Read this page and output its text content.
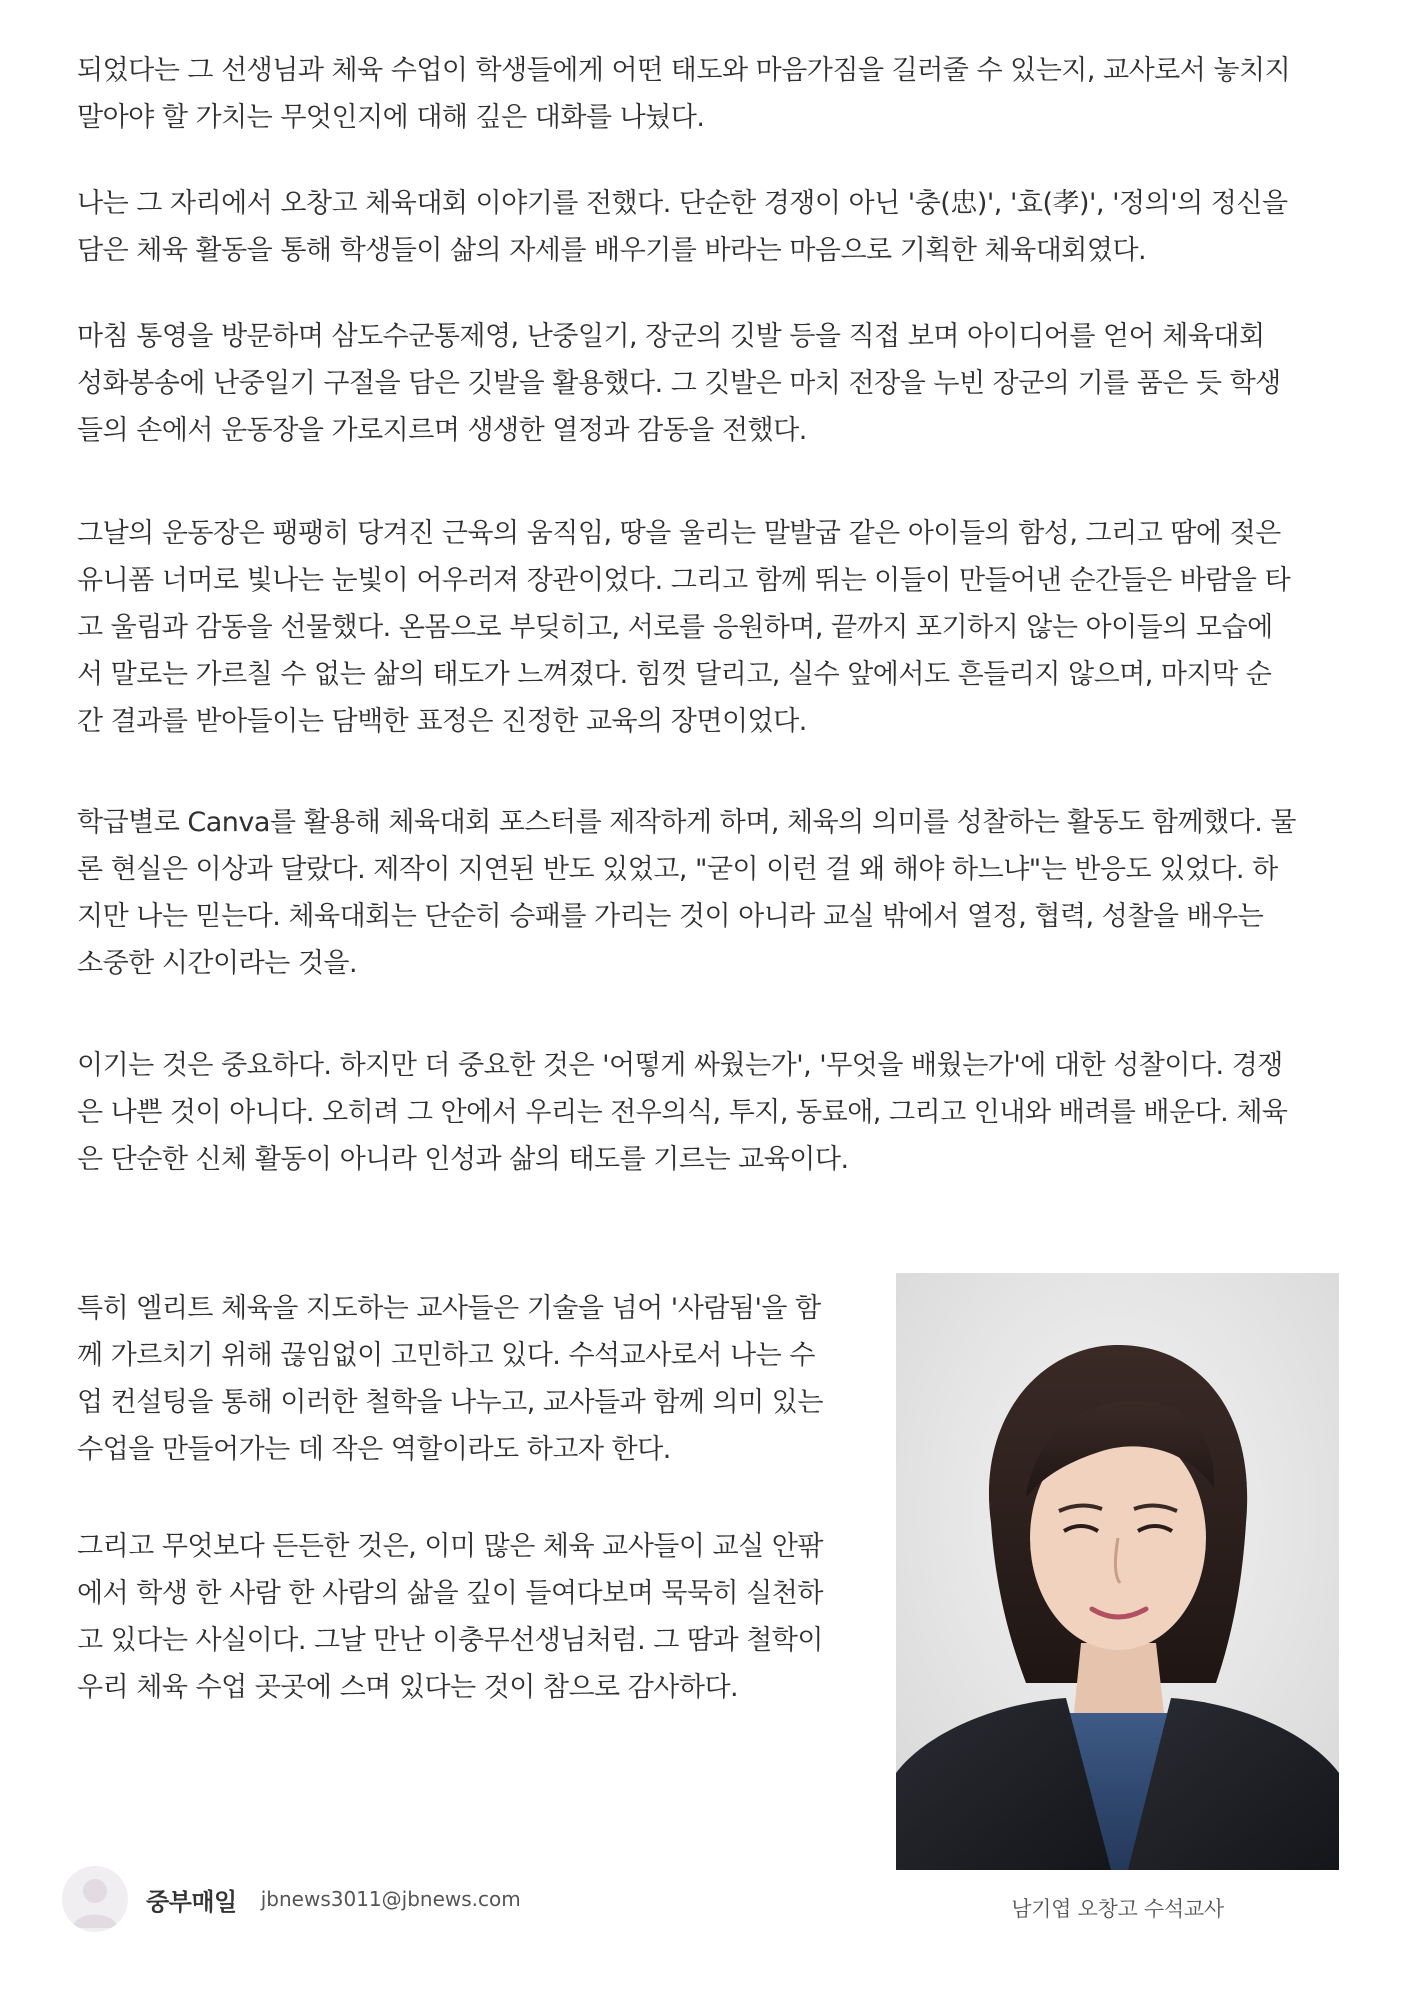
되었다는 그 선생님과 체육 수업이 학생들에게 어떤 태도와 마음가짐을 길러줄 수 있는지, 교사로서 놓치지
말아야 할 가치는 무엇인지에 대해 깊은 대화를 나눴다.

나는 그 자리에서 오창고 체육대회 이야기를 전했다. 단순한 경쟁이 아닌 '충(忠)', '효(孝)', '정의'의 정신을
담은 체육 활동을 통해 학생들이 삶의 자세를 배우기를 바라는 마음으로 기획한 체육대회였다.

마침 통영을 방문하며 삼도수군통제영, 난중일기, 장군의 깃발 등을 직접 보며 아이디어를 얻어 체육대회
성화봉송에 난중일기 구절을 담은 깃발을 활용했다. 그 깃발은 마치 전장을 누빈 장군의 기를 품은 듯 학생
들의 손에서 운동장을 가로지르며 생생한 열정과 감동을 전했다.

그날의 운동장은 팽팽히 당겨진 근육의 움직임, 땅을 울리는 말발굽 같은 아이들의 함성, 그리고 땀에 젖은
유니폼 너머로 빛나는 눈빛이 어우러져 장관이었다. 그리고 함께 뛰는 이들이 만들어낸 순간들은 바람을 타
고 울림과 감동을 선물했다. 온몸으로 부딪히고, 서로를 응원하며, 끝까지 포기하지 않는 아이들의 모습에
서 말로는 가르칠 수 없는 삶의 태도가 느껴졌다. 힘껏 달리고, 실수 앞에서도 흔들리지 않으며, 마지막 순
간 결과를 받아들이는 담백한 표정은 진정한 교육의 장면이었다.

학급별로 Canva를 활용해 체육대회 포스터를 제작하게 하며, 체육의 의미를 성찰하는 활동도 함께했다. 물
론 현실은 이상과 달랐다. 제작이 지연된 반도 있었고, "굳이 이런 걸 왜 해야 하느냐"는 반응도 있었다. 하
지만 나는 믿는다. 체육대회는 단순히 승패를 가리는 것이 아니라 교실 밖에서 열정, 협력, 성찰을 배우는
소중한 시간이라는 것을.

이기는 것은 중요하다. 하지만 더 중요한 것은 '어떻게 싸웠는가', '무엇을 배웠는가'에 대한 성찰이다. 경쟁
은 나쁜 것이 아니다. 오히려 그 안에서 우리는 전우의식, 투지, 동료애, 그리고 인내와 배려를 배운다. 체육
은 단순한 신체 활동이 아니라 인성과 삶의 태도를 기르는 교육이다.

특히 엘리트 체육을 지도하는 교사들은 기술을 넘어 '사람됨'을 함
께 가르치기 위해 끊임없이 고민하고 있다. 수석교사로서 나는 수
업 컨설팅을 통해 이러한 철학을 나누고, 교사들과 함께 의미 있는
수업을 만들어가는 데 작은 역할이라도 하고자 한다.

그리고 무엇보다 든든한 것은, 이미 많은 체육 교사들이 교실 안팎
에서 학생 한 사람 한 사람의 삶을 깊이 들여다보며 묵묵히 실천하
고 있다는 사실이다. 그날 만난 이충무선생님처럼. 그 땀과 철학이
우리 체육 수업 곳곳에 스며 있다는 것이 참으로 감사하다.

남기엽 오창고 수석교사
중부매일 jbnews3011@jbnews.com
